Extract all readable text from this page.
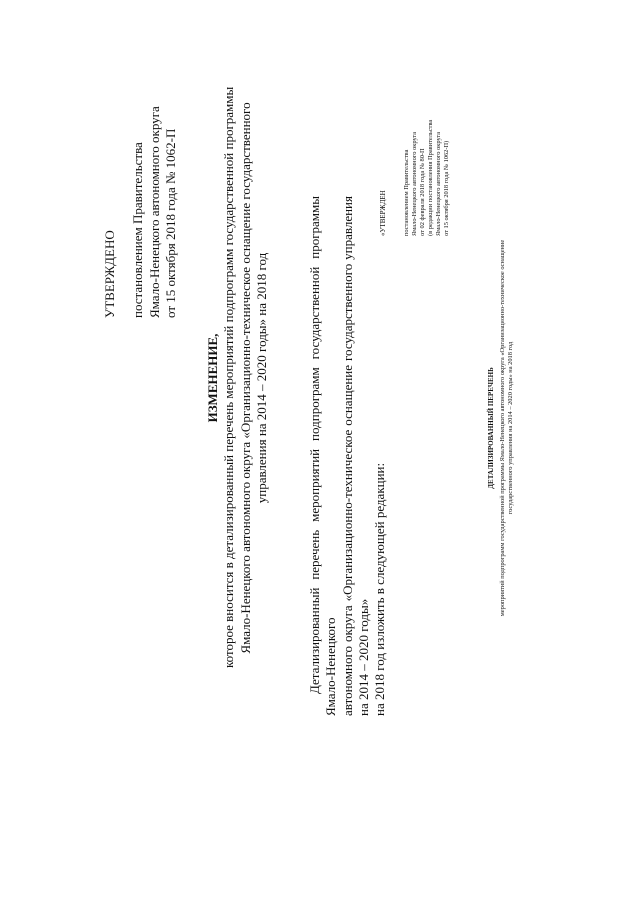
УТВЕРЖДЕНО постановлением Правительства Ямало-Ненецкого автономного округа от 15 октября 2018 года № 1062-П
ИЗМЕНЕНИЕ, которое вносится в детализированный перечень мероприятий подпрограмм государственной программы Ямало-Ненецкого автономного округа «Организационно-техническое оснащение государственного управления на 2014 – 2020 годы» на 2018 год	Детализированный перечень мероприятий подпрограмм государственной программы Ямало-Ненецкого автономного округа «Организационно-техническое оснащение государственного управления на 2014 – 2020 годы» на 2018 год изложить в следующей редакции:
«УТВЕРЖДЕН постановлением Правительства Ямало-Ненецкого автономного округа от 02 февраля 2018 года № 80-П (в редакции постановления Правительства Ямало-Ненецкого автономного округа от 15 октября 2018 года № 1062-П)
ДЕТАЛИЗИРОВАННЫЙ ПЕРЕЧЕНЬ мероприятий подпрограмм государственной программы Ямало-Ненецкого автономного округа «Организационно-техническое оснащение государственного управления на 2014 – 2020 годы» на 2018 год
